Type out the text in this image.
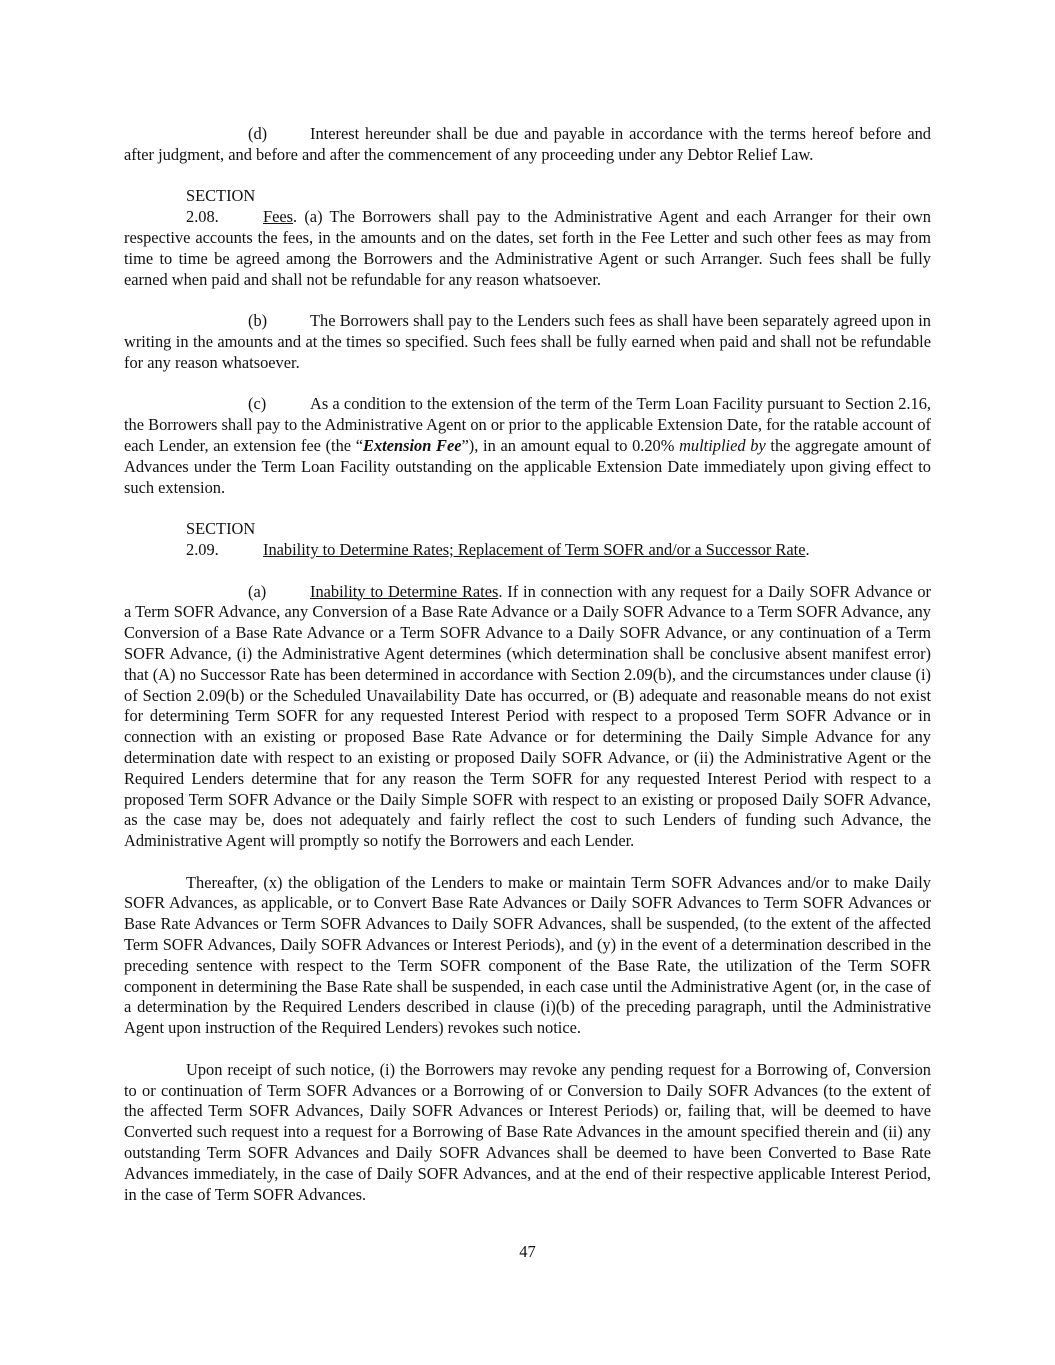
(d)	Interest hereunder shall be due and payable in accordance with the terms hereof before and after judgment, and before and after the commencement of any proceeding under any Debtor Relief Law.

SECTION 2.08.	Fees. (a) The Borrowers shall pay to the Administrative Agent and each Arranger for their own respective accounts the fees, in the amounts and on the dates, set forth in the Fee Letter and such other fees as may from time to time be agreed among the Borrowers and the Administrative Agent or such Arranger. Such fees shall be fully earned when paid and shall not be refundable for any reason whatsoever.

(b)	The Borrowers shall pay to the Lenders such fees as shall have been separately agreed upon in writing in the amounts and at the times so specified. Such fees shall be fully earned when paid and shall not be refundable for any reason whatsoever.

(c)	As a condition to the extension of the term of the Term Loan Facility pursuant to Section 2.16, the Borrowers shall pay to the Administrative Agent on or prior to the applicable Extension Date, for the ratable account of each Lender, an extension fee (the “Extension Fee”), in an amount equal to 0.20% multiplied by the aggregate amount of Advances under the Term Loan Facility outstanding on the applicable Extension Date immediately upon giving effect to such extension.

SECTION 2.09.	Inability to Determine Rates; Replacement of Term SOFR and/or a Successor Rate.

(a)	Inability to Determine Rates. If in connection with any request for a Daily SOFR Advance or a Term SOFR Advance, any Conversion of a Base Rate Advance or a Daily SOFR Advance to a Term SOFR Advance, any Conversion of a Base Rate Advance or a Term SOFR Advance to a Daily SOFR Advance, or any continuation of a Term SOFR Advance, (i) the Administrative Agent determines (which determination shall be conclusive absent manifest error) that (A) no Successor Rate has been determined in accordance with Section 2.09(b), and the circumstances under clause (i) of Section 2.09(b) or the Scheduled Unavailability Date has occurred, or (B) adequate and reasonable means do not exist for determining Term SOFR for any requested Interest Period with respect to a proposed Term SOFR Advance or in connection with an existing or proposed Base Rate Advance or for determining the Daily Simple Advance for any determination date with respect to an existing or proposed Daily SOFR Advance, or (ii) the Administrative Agent or the Required Lenders determine that for any reason the Term SOFR for any requested Interest Period with respect to a proposed Term SOFR Advance or the Daily Simple SOFR with respect to an existing or proposed Daily SOFR Advance, as the case may be, does not adequately and fairly reflect the cost to such Lenders of funding such Advance, the Administrative Agent will promptly so notify the Borrowers and each Lender.

Thereafter, (x) the obligation of the Lenders to make or maintain Term SOFR Advances and/or to make Daily SOFR Advances, as applicable, or to Convert Base Rate Advances or Daily SOFR Advances to Term SOFR Advances or Base Rate Advances or Term SOFR Advances to Daily SOFR Advances, shall be suspended, (to the extent of the affected Term SOFR Advances, Daily SOFR Advances or Interest Periods), and (y) in the event of a determination described in the preceding sentence with respect to the Term SOFR component of the Base Rate, the utilization of the Term SOFR component in determining the Base Rate shall be suspended, in each case until the Administrative Agent (or, in the case of a determination by the Required Lenders described in clause (i)(b) of the preceding paragraph, until the Administrative Agent upon instruction of the Required Lenders) revokes such notice.

Upon receipt of such notice, (i) the Borrowers may revoke any pending request for a Borrowing of, Conversion to or continuation of Term SOFR Advances or a Borrowing of or Conversion to Daily SOFR Advances (to the extent of the affected Term SOFR Advances, Daily SOFR Advances or Interest Periods) or, failing that, will be deemed to have Converted such request into a request for a Borrowing of Base Rate Advances in the amount specified therein and (ii) any outstanding Term SOFR Advances and Daily SOFR Advances shall be deemed to have been Converted to Base Rate Advances immediately, in the case of Daily SOFR Advances, and at the end of their respective applicable Interest Period, in the case of Term SOFR Advances.

47
